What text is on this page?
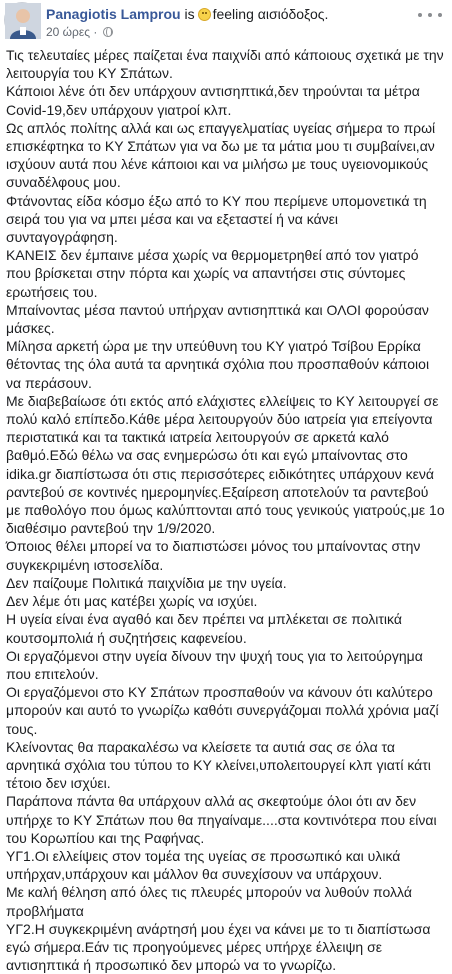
Panagiotis Lamprou is feeling αισιόδοξος.
20 ώρες ·

Τις τελευταίες μέρες παίζεται ένα παιχνίδι από κάποιους σχετικά με την λειτουργία του ΚΥ Σπάτων.

Κάποιοι λένε ότι δεν υπάρχουν αντισηπτικά,δεν τηρούνται τα μέτρα Covid-19,δεν υπάρχουν γιατροί κλπ.

Ως απλός πολίτης αλλά και ως επαγγελματίας υγείας σήμερα το πρωί επισκέφτηκα το ΚΥ Σπάτων για να δω με τα μάτια μου τι συμβαίνει,αν ισχύουν αυτά που λένε κάποιοι και να μιλήσω με τους υγειονομικούς συναδέλφους μου.

Φτάνοντας είδα κόσμο έξω από το ΚΥ που περίμενε υπομονετικά τη σειρά του για να μπει μέσα και να εξεταστεί ή να κάνει συνταγογράφηση.

ΚΑΝΕΙΣ δεν έμπαινε μέσα χωρίς να θερμομετρηθεί από τον γιατρό που βρίσκεται στην πόρτα και χωρίς να απαντήσει στις σύντομες ερωτήσεις του.

Μπαίνοντας μέσα παντού υπήρχαν αντισηπτικά και ΟΛΟΙ φορούσαν μάσκες.

Μίλησα αρκετή ώρα με την υπεύθυνη του ΚΥ γιατρό Τσίβου Ερρίκα θέτοντας της όλα αυτά τα αρνητικά σχόλια που προσπαθούν κάποιοι να περάσουν.

Με διαβεβαίωσε ότι εκτός από ελάχιστες ελλείψεις το ΚΥ λειτουργεί σε πολύ καλό επίπεδο.Κάθε μέρα λειτουργούν δύο ιατρεία για επείγοντα περιστατικά και τα τακτικά ιατρεία λειτουργούν σε αρκετά καλό βαθμό.Εδώ θέλω να σας ενημερώσω ότι και εγώ μπαίνοντας στο idika.gr διαπίστωσα ότι στις περισσότερες ειδικότητες υπάρχουν κενά ραντεβού σε κοντινές ημερομηνίες.Εξαίρεση αποτελούν τα ραντεβού με παθολόγο που όμως καλύπτονται από τους γενικούς γιατρούς,με 1ο διαθέσιμο ραντεβού την 1/9/2020.

Όποιος θέλει μπορεί να το διαπιστώσει μόνος του μπαίνοντας στην συγκεκριμένη ιστοσελίδα.

Δεν παίζουμε Πολιτικά παιχνίδια με την υγεία.

Δεν λέμε ότι μας κατέβει χωρίς να ισχύει.

Η υγεία είναι ένα αγαθό και δεν πρέπει να μπλέκεται σε πολιτικά κουτσομπολιά ή συζητήσεις καφενείου.

Οι εργαζόμενοι στην υγεία δίνουν την ψυχή τους για το λειτούργημα που επιτελούν.

Οι εργαζόμενοι στο ΚΥ Σπάτων προσπαθούν να κάνουν ότι καλύτερο μπορούν και αυτό το γνωρίζω καθότι συνεργάζομαι πολλά χρόνια μαζί τους.

Κλείνοντας θα παρακαλέσω να κλείσετε τα αυτιά σας σε όλα τα αρνητικά σχόλια του τύπου το ΚΥ κλείνει,υπολειτουργεί κλπ γιατί κάτι τέτοιο δεν ισχύει.

Παράπονα πάντα θα υπάρχουν αλλά ας σκεφτούμε όλοι ότι αν δεν υπήρχε το ΚΥ Σπάτων που θα πηγαίναμε....στα κοντινότερα που είναι του Κορωπίου και της Ραφήνας.

ΥΓ1.Οι ελλείψεις στον τομέα της υγείας σε προσωπικό και υλικά υπήρχαν,υπάρχουν και μάλλον θα συνεχίσουν να υπάρχουν.

Με καλή θέληση από όλες τις πλευρές μπορούν να λυθούν πολλά προβλήματα

ΥΓ2.Η συγκεκριμένη ανάρτησή μου έχει να κάνει με το τι διαπίστωσα εγώ σήμερα.Εάν τις προηγούμενες μέρες υπήρχε έλλειψη σε αντισηπτικά ή προσωπικό δεν μπορώ να το γνωρίζω.
